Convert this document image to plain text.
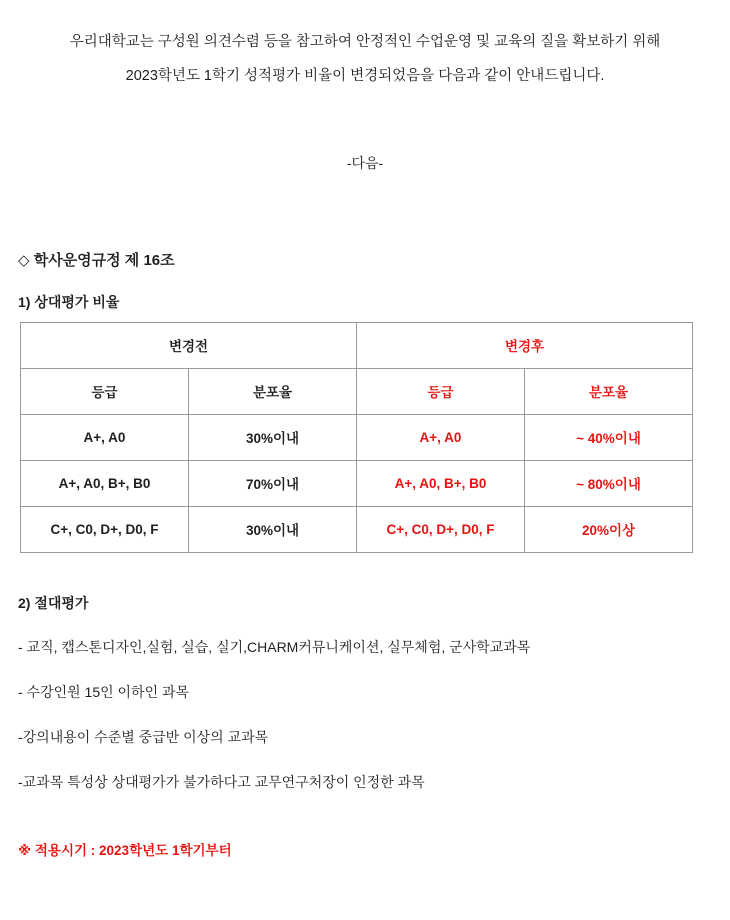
우리대학교는 구성원 의견수렴 등을 참고하여 안정적인 수업운영 및 교육의 질을 확보하기 위해

2023학년도 1학기 성적평가 비율이 변경되었음을 다음과 같이 안내드립니다.

-다음-
◇ 학사운영규정 제 16조
1) 상대평가 비율
변경전		변경후	
등급	분포율	등급	분포율
A+, A0	30%이내	A+, A0	~ 40%이내
A+, A0, B+, B0	70%이내	A+, A0, B+, B0	~ 80%이내
C+, C0, D+, D0, F	30%이내	C+, C0, D+, D0, F	20%이상
2) 절대평가
- 교직, 캡스톤디자인,실험, 실습, 실기,CHARM커뮤니케이션, 실무체험, 군사학교과목
- 수강인원 15인 이하인 과목
-강의내용이 수준별 중급반 이상의 교과목
-교과목 특성상 상대평가가 불가하다고 교무연구처장이 인정한 과목
※ 적용시기 : 2023학년도 1학기부터
